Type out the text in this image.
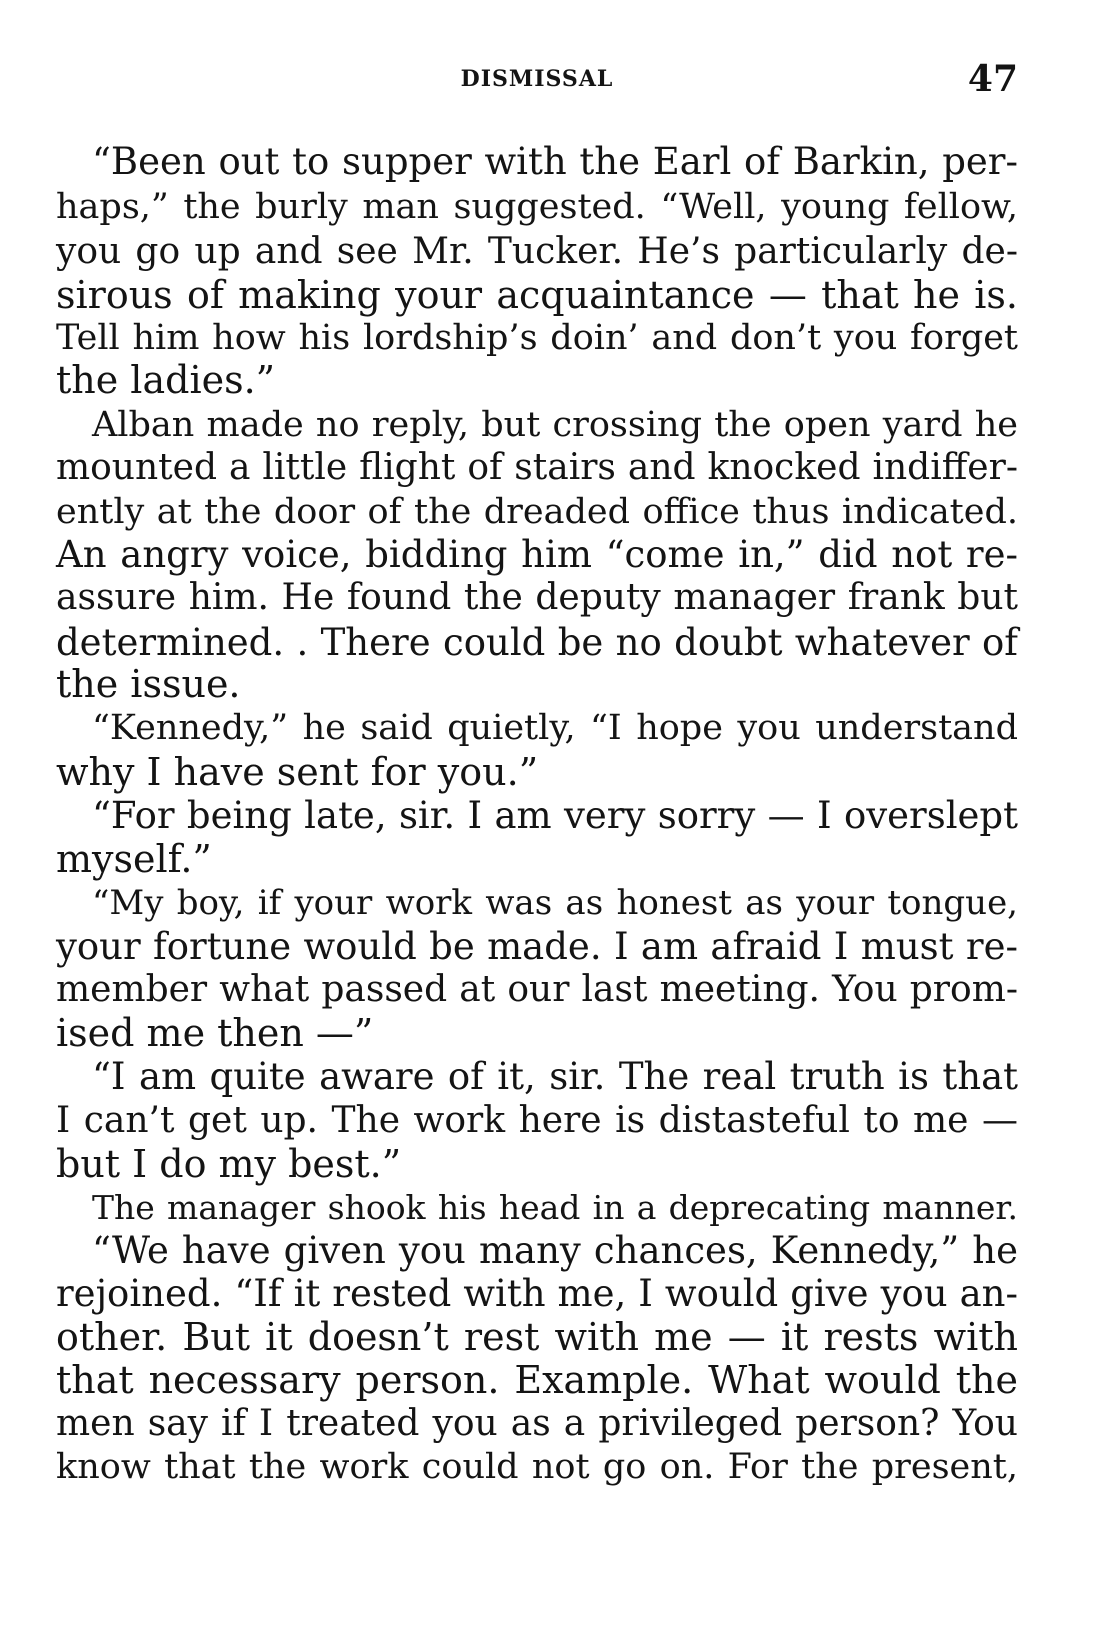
DISMISSAL	47
“Been out to supper with the Earl of Barkin, per-
haps,” the burly man suggested. “Well, young fellow,
you go up and see Mr. Tucker. He’s particularly de-
sirous of making your acquaintance — that he is.
Tell him how his lordship’s doin’ and don’t you forget
the ladies.”
Alban made no reply, but crossing the open yard he
mounted a little flight of stairs and knocked indiffer-
ently at the door of the dreaded office thus indicated.
An angry voice, bidding him “come in,” did not re-
assure him. He found the deputy manager frank but
determined. . There could be no doubt whatever of
the issue.
“Kennedy,” he said quietly, “I hope you understand
why I have sent for you.”
“For being late, sir. I am very sorry — I overslept
myself.”
“My boy, if your work was as honest as your tongue,
your fortune would be made. I am afraid I must re-
member what passed at our last meeting. You prom-
ised me then —”
“I am quite aware of it, sir. The real truth is that
I can’t get up. The work here is distasteful to me —
but I do my best.”
The manager shook his head in a deprecating manner.
“We have given you many chances, Kennedy,” he
rejoined. “If it rested with me, I would give you an-
other. But it doesn’t rest with me — it rests with
that necessary person. Example. What would the
men say if I treated you as a privileged person? You
know that the work could not go on. For the present,
